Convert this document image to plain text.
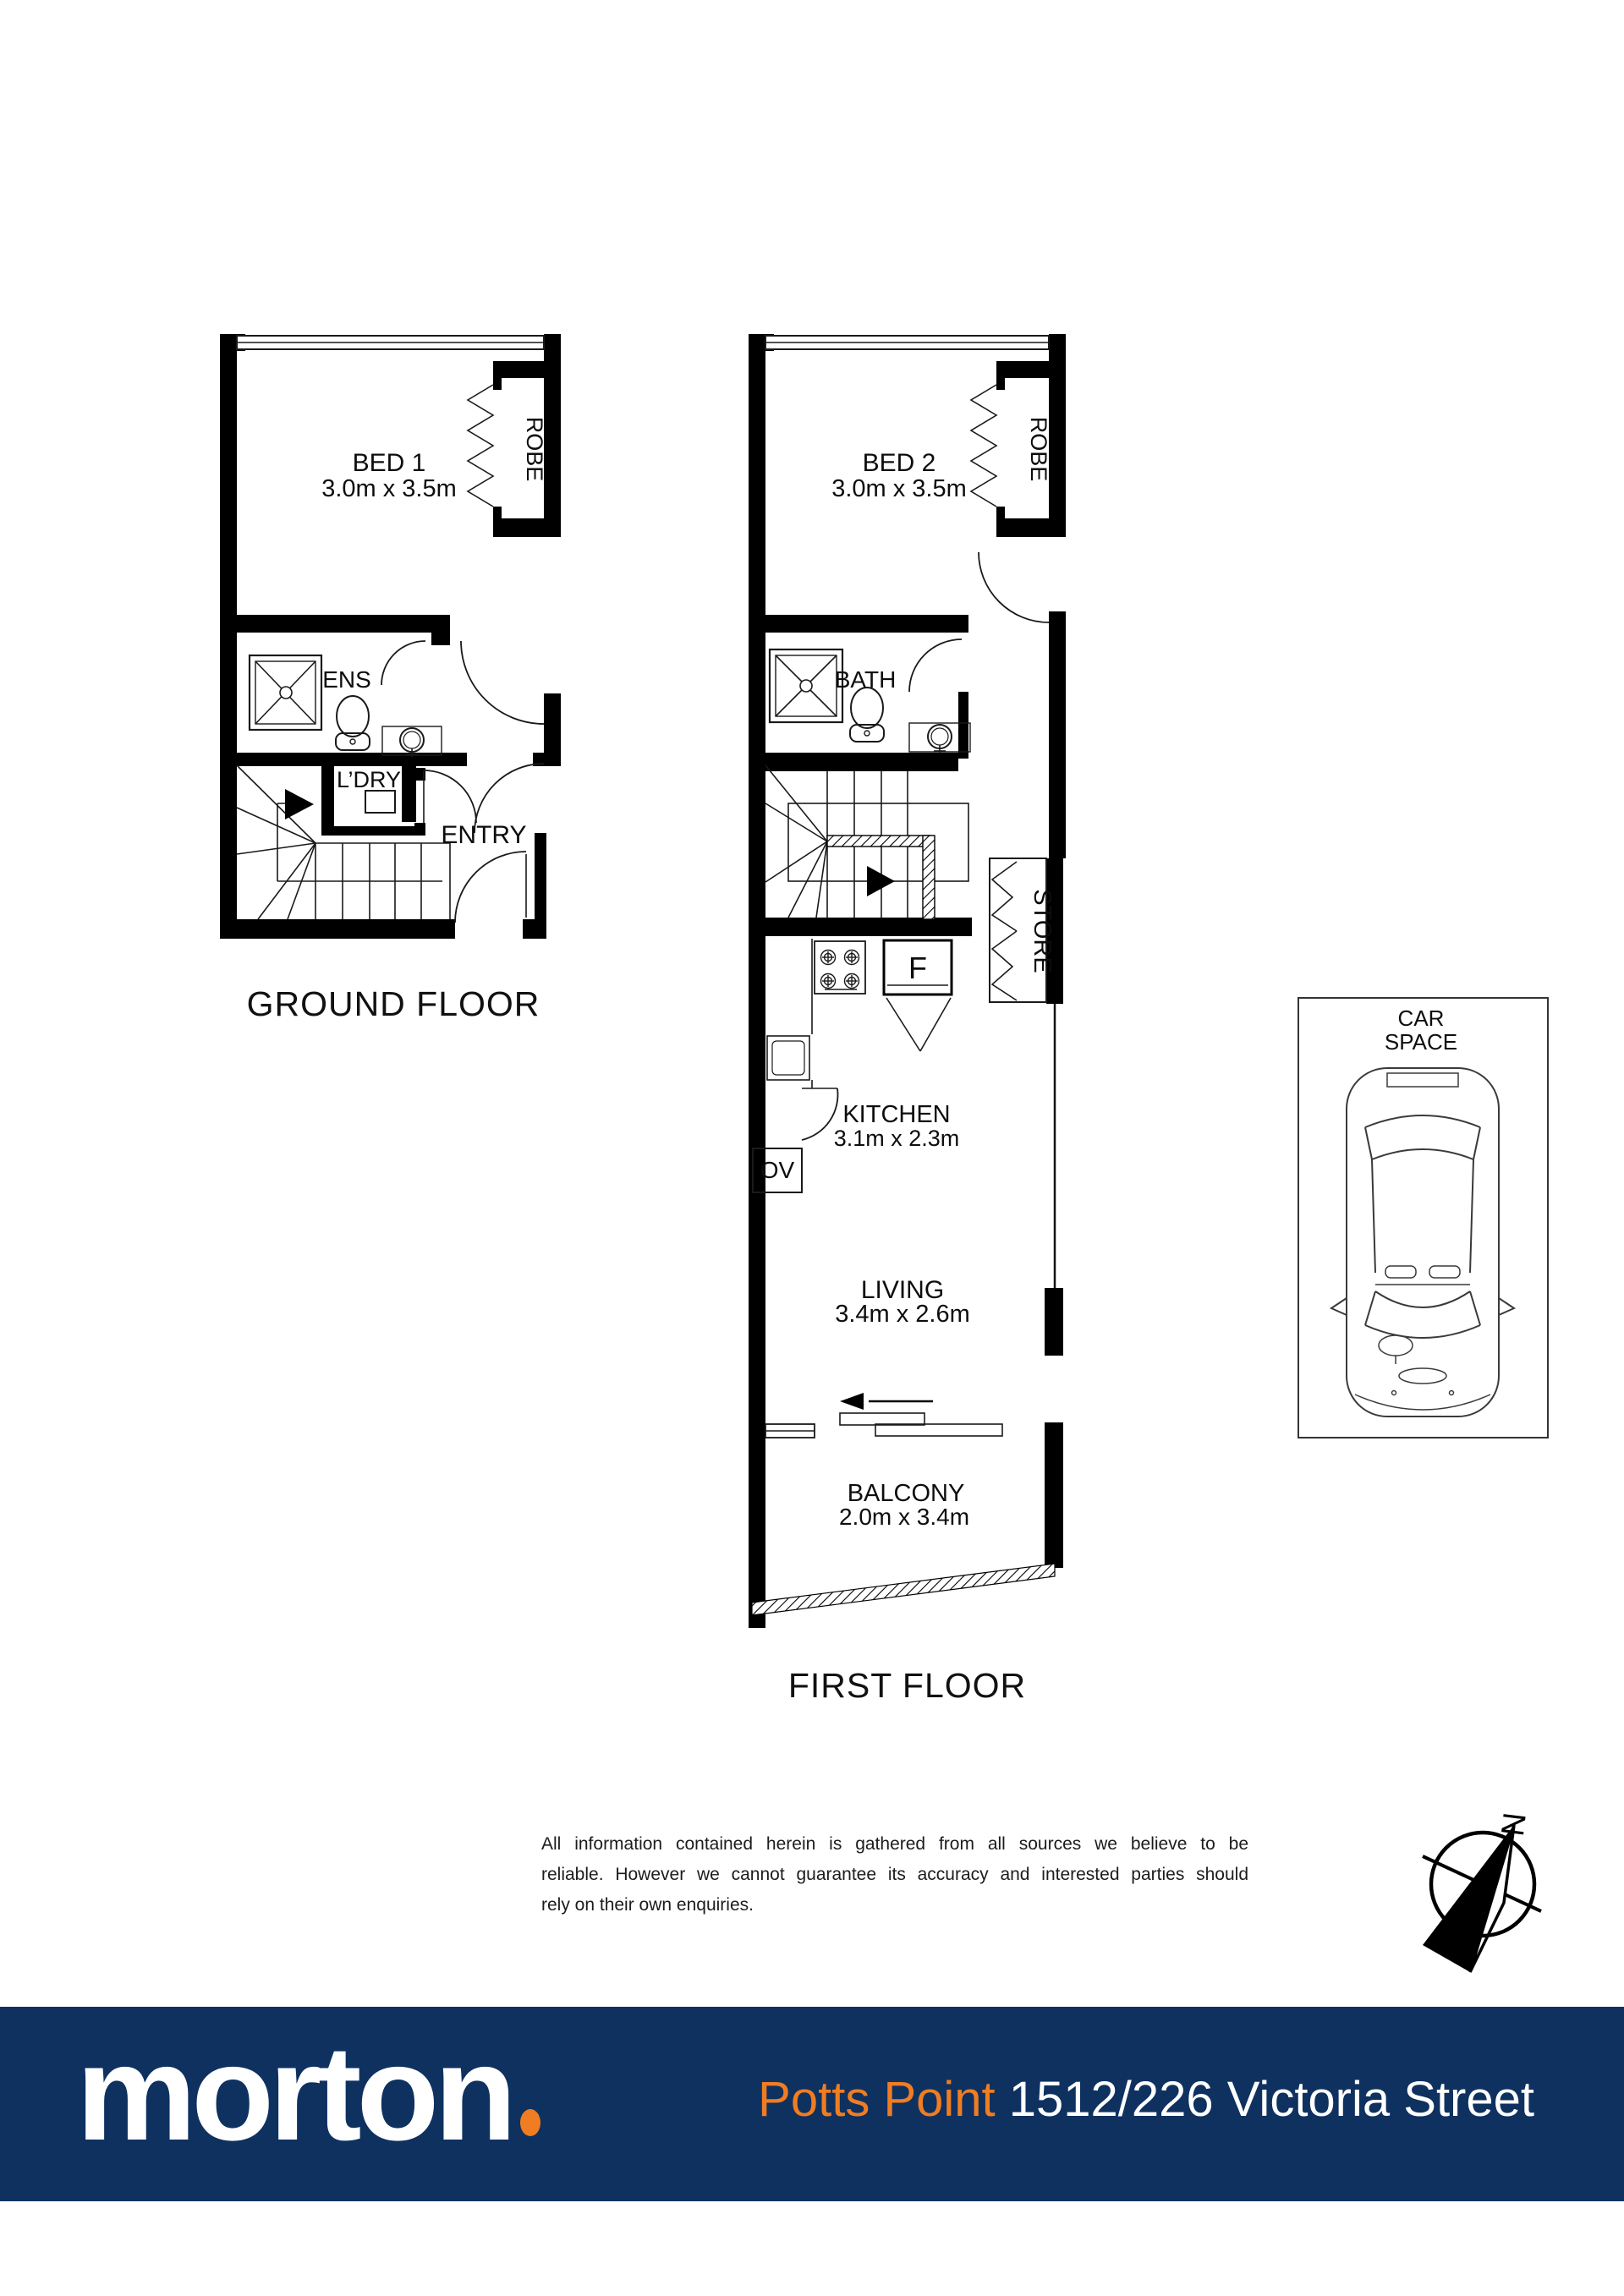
BED 1
3.0m x 3.5m
ROBE
ENS
L’DRY
ENTRY
GROUND FLOOR
BED 2
3.0m x 3.5m
ROBE
BATH
STORE
F
KITCHEN
3.1m x 2.3m
OV
LIVING
3.4m x 2.6m
BALCONY
2.0m x 3.4m
FIRST FLOOR
CAR
SPACE
N
All information contained herein is gathered from all sources we believe to be
reliable. However we cannot guarantee its accuracy and interested parties should
rely on their own enquiries.
morton	Potts Point 1512/226 Victoria Street
